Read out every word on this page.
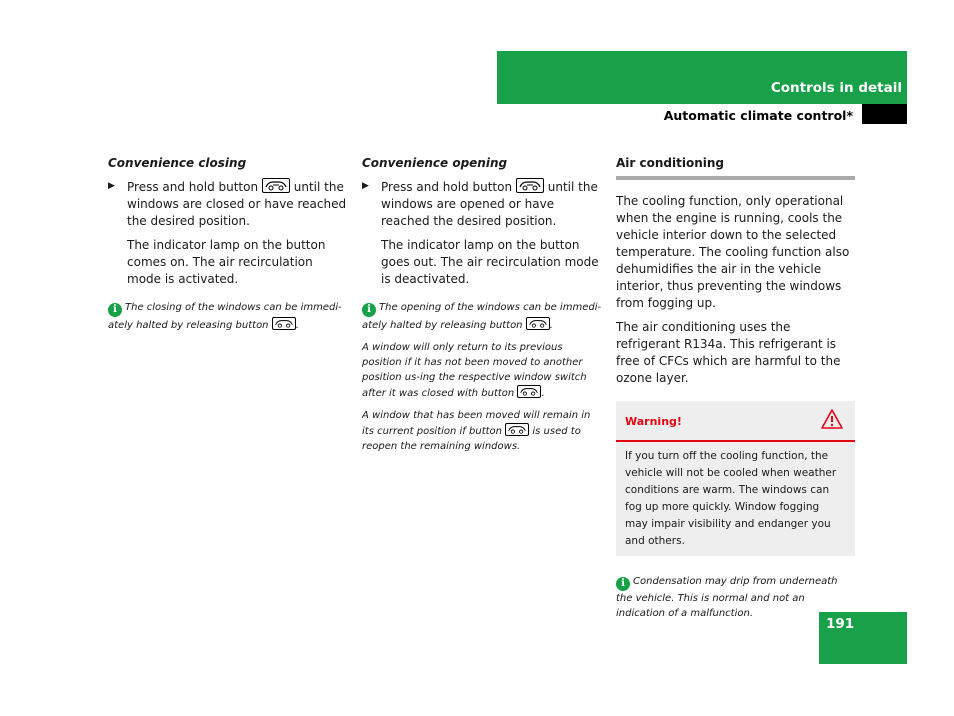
Controls in detail
Automatic climate control*

Convenience closing

▶ Press and hold button	until the windows are closed or have reached the desired position.

The indicator lamp on the button comes on. The air recirculation mode is activated.

i The closing of the windows can be immedi-ately halted by releasing button	.

Convenience opening

▶ Press and hold button	until the windows are opened or have reached the desired position.

The indicator lamp on the button goes out. The air recirculation mode is deactivated.

i The opening of the windows can be immedi-ately halted by releasing button	.

A window will only return to its previous position if it has not been moved to another position us-ing the respective window switch after it was closed with button	.

A window that has been moved will remain in its current position if button	is used to reopen the remaining windows.

Air conditioning

The cooling function, only operational when the engine is running, cools the vehicle interior down to the selected temperature. The cooling function also dehumidifies the air in the vehicle interior, thus preventing the windows from fogging up.

The air conditioning uses the refrigerant R134a. This refrigerant is free of CFCs which are harmful to the ozone layer.

Warning!
If you turn off the cooling function, the vehicle will not be cooled when weather conditions are warm. The windows can fog up more quickly. Window fogging may impair visibility and endanger you and others.

i Condensation may drip from underneath the vehicle. This is normal and not an indication of a malfunction.

191
